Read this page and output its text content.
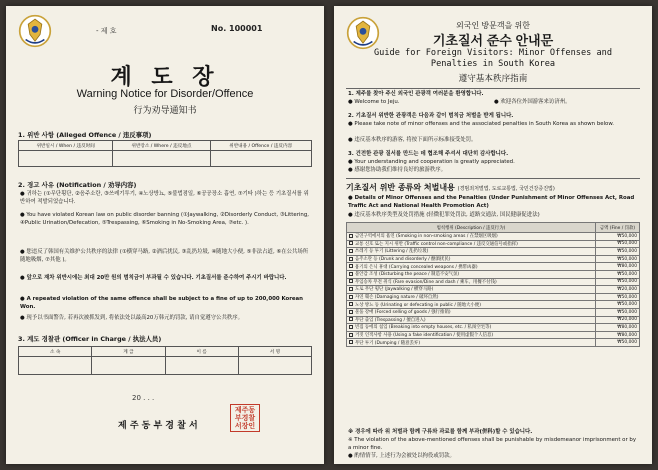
- 제 호	No. 100001
계 도 장
Warning Notice for Disorder/Offence
行为劝导通知书
1. 위반 사항 (Alleged Offence / 违反事项)
위반일시 / When / 违反时间	위반장소 / Where / 违反地点	위반내용 / Offence / 违反内容

2. 경고 사유 (Notification / 劝导内容)
● 귀하는 (①무단횡단, ②음주소란, ③쓰레기투기, ④노상방뇨, ⑤불법점일, ⑥공공장소 흡연, ⑦기타 )하는 등 기초질서를 위반하여 적발되었습니다.
● You have violated Korean law on public disorder banning (①Jaywalking, ②Disorderly Conduct, ③Littering, ④Public Urination/Defecation, ⑤Trespassing, ⑥Smoking in No-Smoking Area, ⑦etc. ).
● 您违反了韩国有关维护公共秩序的法律 (①横穿马路, ②酒后扰民, ③乱扔垃圾, ④随地大小便, ⑤非法占道, ⑥在公共场所随地吸烟, ⑦其他 )。
● 앞으로 재차 위반시에는 최대 20만 원의 범칙금이 부과될 수 있습니다. 기초질서를 준수하여 주시기 바랍니다.
● A repeated violation of the same offence shall be subject to a fine of up to 200,000 Korean Won.
● 现予以书面警告, 若再次被抓发到, 将依法处以最高20万韩元的罚款, 请自觉遵守公共秩序。
3. 계도 경찰관 (Officer in Charge / 执法人员)
소 속	계 급	이 름	서 명

20 . . .
제 주 동 부 경 찰 서
제주동
부경찰
서장인
외국인 방문객을 위한
기초질서 준수 안내문
Guide for Foreign Visitors: Minor Offenses and
Penalties in South Korea
遵守基本秩序指南
1. 제주를 찾아 주신 외국인 관광객 여러분을 환영합니다.
● Welcome to Jeju.	● 欢迎各位外国游客来访济州。
2. 기초질서 위반한 관광객은 다음과 같이 범칙금 처벌을 받게 됩니다.
● Please take note of minor offenses and the associated penalties in South Korea as shown below.
● 违反基本秩序的游客, 将按下面所示标准接受处罚。
3. 건전한 관광 질서를 만드는 데 협조해 주셔서 대단히 감사합니다.
● Your understanding and cooperation is greatly appreciated.
● 感谢您协助我们维持良好的旅游秩序。
기초질서 위반 종류와 처벌내용 (경범죄처벌법, 도로교통법, 국민건강증진법)
● Details of Minor Offenses and the Penalties (Under Punishment of Minor Offenses Act, Road Traffic Act and National Health Promotion Act)
● 违反基本秩序类型及处罚措施 (轻微犯罪处罚法, 道路交通法, 国民健康促进法)
범칙행위 (Description / 违反行为)	금액 (Fine / 罚款)
금연구역에서의 흡연 (Smoking in non-smoking areas / 在禁烟区吸烟)	₩50,000
교통 신호 또는 지시 위반 (Traffic control non-compliance / 违反交通信号或指挥)	₩50,000
쓰레기 등 투기 (Littering / 乱扔垃圾)	₩50,000
음주소란 등 (Drunk and disorderly / 酗酒扰民)	₩50,000
흉기의 은닉 휴대 (Carrying concealed weapons / 携带凶器)	₩80,000
불안감 조성 (Disturbing the peace / 制造不安气氛)	₩50,000
무임승차 무전 취식 (Fare evasion/Dine and dash / 乘车、用餐不付钱)	₩50,000
도로 무단 횡단 (Jaywalking / 横穿马路)	₩20,000
자연 훼손 (Damaging nature / 破坏自然)	₩50,000
노상 방뇨 등 (Urinating or defecating in public / 随地大小便)	₩50,000
물품 강매 (Forced selling of goods / 强行推销)	₩50,000
무단 출입 (Trespassing / 擅自进入)	₩20,000
빈집 등에의 침입 (Breaking into empty houses, etc. / 私闯空宅等)	₩80,000
거짓 인적사항 사용 (Using a fake identification / 使用虚假个人信息)	₩80,000
무단 투기 (Dumping / 随意丢弃)	₩50,000
※ 경우에 따라 위 처벌과 함께 구류와 과료를 함께 부과(併科)할 수 있습니다.
※ The violation of the above-mentioned offenses shall be punishable by misdemeanor imprisonment or by a minor fine.
● 酌情情节, 上述行为会被处以拘役或罚款。
